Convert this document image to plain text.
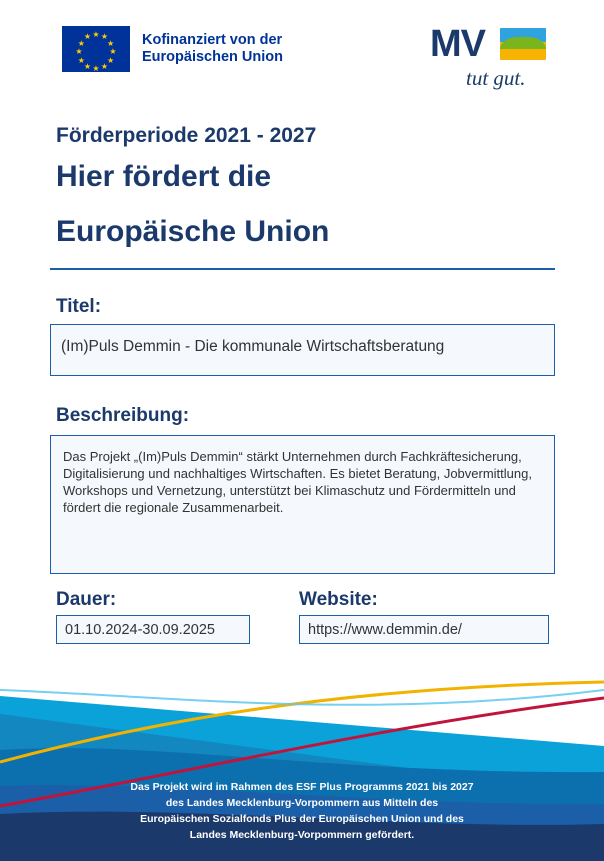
★ ★
★
★
★
★
★
★
★
★
★
★	Kofinanziert von der
Europäischen Union	MV
tut gut.
Förderperiode 2021 - 2027
Hier fördert die
Europäische Union
Titel:
(Im)Puls Demmin - Die kommunale Wirtschaftsberatung
Beschreibung:
Das Projekt „(Im)Puls Demmin“ stärkt Unternehmen durch Fachkräftesicherung, Digitalisierung und nachhaltiges Wirtschaften. Es bietet Beratung, Jobvermittlung, Workshops und Vernetzung, unterstützt bei Klimaschutz und Fördermitteln und fördert die regionale Zusammenarbeit.
Dauer:
01.10.2024-30.09.2025
Website:
https://www.demmin.de/
Das Projekt wird im Rahmen des ESF Plus Programms 2021 bis 2027
des Landes Mecklenburg-Vorpommern aus Mitteln des
Europäischen Sozialfonds Plus der Europäischen Union und des
Landes Mecklenburg-Vorpommern gefördert.
